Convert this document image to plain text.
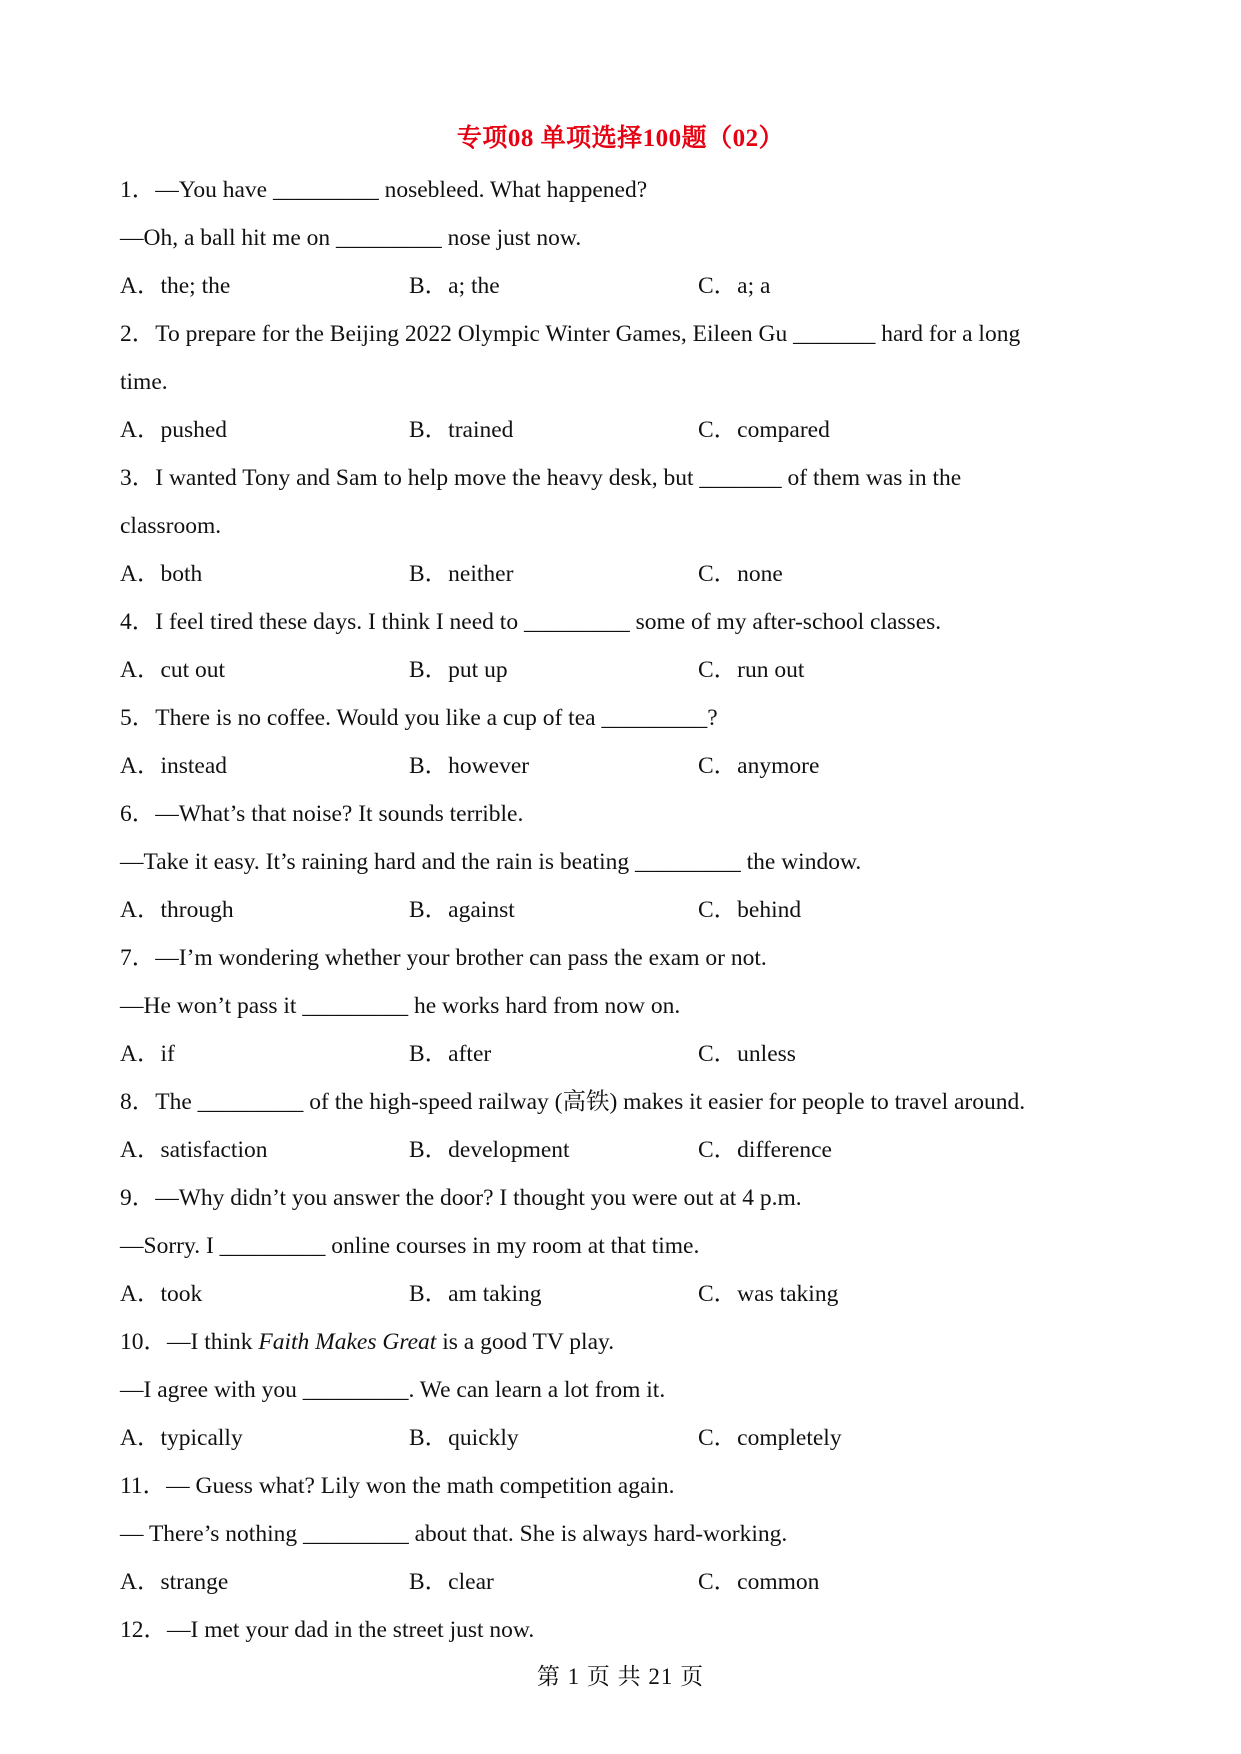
专项08 单项选择100题（02）
1．—You have _________ nosebleed. What happened?
—Oh, a ball hit me on _________ nose just now.
A．the; the	B．a; the	C．a; a
2．To prepare for the Beijing 2022 Olympic Winter Games, Eileen Gu _______ hard for a long
time.
A．pushed	B．trained	C．compared
3．I wanted Tony and Sam to help move the heavy desk, but _______ of them was in the
classroom.
A．both	B．neither	C．none
4．I feel tired these days. I think I need to _________ some of my after-school classes.
A．cut out	B．put up	C．run out
5．There is no coffee. Would you like a cup of tea _________?
A．instead	B．however	C．anymore
6．—What’s that noise? It sounds terrible.
—Take it easy. It’s raining hard and the rain is beating _________ the window.
A．through	B．against	C．behind
7．—I’m wondering whether your brother can pass the exam or not.
—He won’t pass it _________ he works hard from now on.
A．if	B．after	C．unless
8．The _________ of the high-speed railway (高铁) makes it easier for people to travel around.
A．satisfaction	B．development	C．difference
9．—Why didn’t you answer the door? I thought you were out at 4 p.m.
—Sorry. I _________ online courses in my room at that time.
A．took	B．am taking	C．was taking
10．—I think Faith Makes Great is a good TV play.
—I agree with you _________. We can learn a lot from it.
A．typically	B．quickly	C．completely
11．— Guess what? Lily won the math competition again.
— There’s nothing _________ about that. She is always hard-working.
A．strange	B．clear	C．common
12．—I met your dad in the street just now.
第 1 页 共 21 页
